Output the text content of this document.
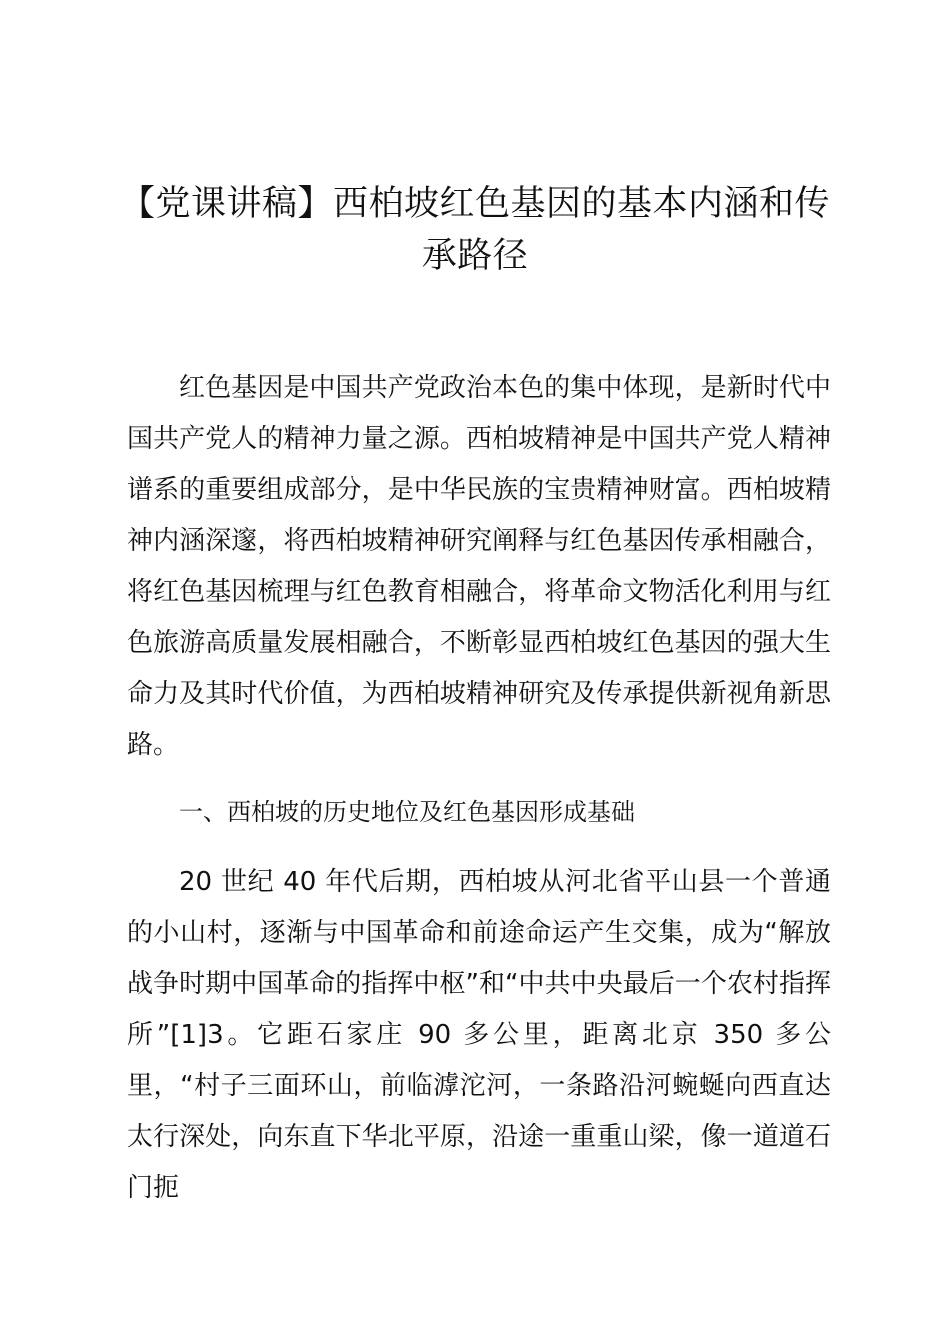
【党课讲稿】西柏坡红色基因的基本内涵和传承路径

红色基因是中国共产党政治本色的集中体现，是新时代中国共产党人的精神力量之源。西柏坡精神是中国共产党人精神谱系的重要组成部分，是中华民族的宝贵精神财富。西柏坡精神内涵深邃，将西柏坡精神研究阐释与红色基因传承相融合，将红色基因梳理与红色教育相融合，将革命文物活化利用与红色旅游高质量发展相融合，不断彰显西柏坡红色基因的强大生命力及其时代价值，为西柏坡精神研究及传承提供新视角新思路。

一、西柏坡的历史地位及红色基因形成基础

20 世纪 40 年代后期，西柏坡从河北省平山县一个普通的小山村，逐渐与中国革命和前途命运产生交集，成为“解放战争时期中国革命的指挥中枢”和“中共中央最后一个农村指挥所”[1]3。它距石家庄 90 多公里，距离北京 350 多公里，“村子三面环山，前临滹沱河，一条路沿河蜿蜒向西直达太行深处，向东直下华北平原，沿途一重重山梁，像一道道石门扼
